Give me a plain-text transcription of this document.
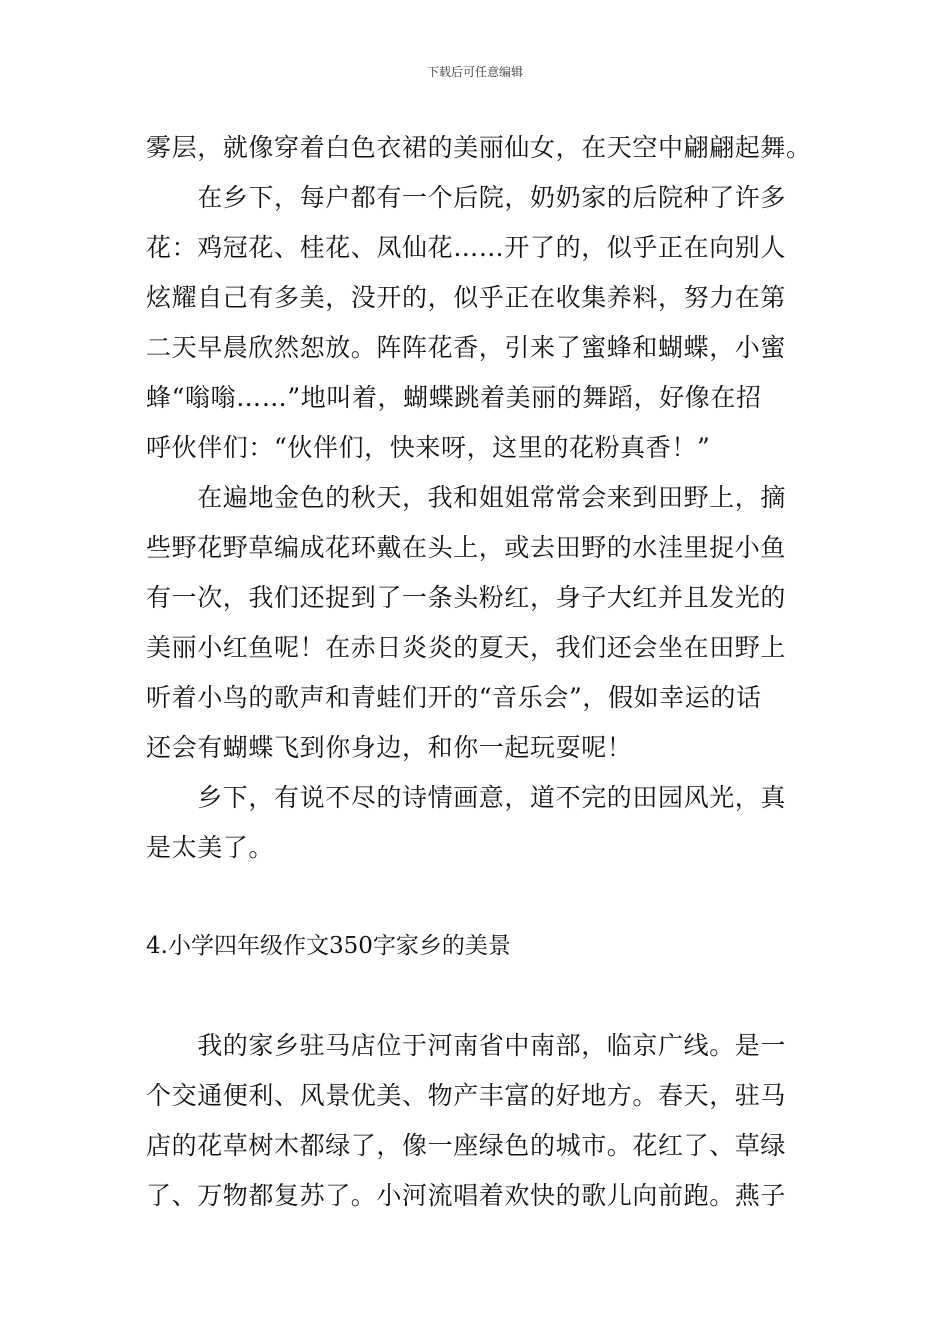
下载后可任意编辑
雾层，就像穿着白色衣裙的美丽仙女，在天空中翩翩起舞。
　　在乡下，每户都有一个后院，奶奶家的后院种了许多
花：鸡冠花、桂花、凤仙花……开了的，似乎正在向别人
炫耀自己有多美，没开的，似乎正在收集养料，努力在第
二天早晨欣然恕放。阵阵花香，引来了蜜蜂和蝴蝶，小蜜
蜂“嗡嗡……”地叫着，蝴蝶跳着美丽的舞蹈，好像在招
呼伙伴们：“伙伴们，快来呀，这里的花粉真香！”
　　在遍地金色的秋天，我和姐姐常常会来到田野上，摘
些野花野草编成花环戴在头上，或去田野的水洼里捉小鱼
有一次，我们还捉到了一条头粉红，身子大红并且发光的
美丽小红鱼呢！在赤日炎炎的夏天，我们还会坐在田野上
听着小鸟的歌声和青蛙们开的“音乐会”，假如幸运的话
还会有蝴蝶飞到你身边，和你一起玩耍呢！
　　乡下，有说不尽的诗情画意，道不完的田园风光，真
是太美了。
4.小学四年级作文350字家乡的美景
　　我的家乡驻马店位于河南省中南部，临京广线。是一
个交通便利、风景优美、物产丰富的好地方。春天，驻马
店的花草树木都绿了，像一座绿色的城市。花红了、草绿
了、万物都复苏了。小河流唱着欢快的歌儿向前跑。燕子
